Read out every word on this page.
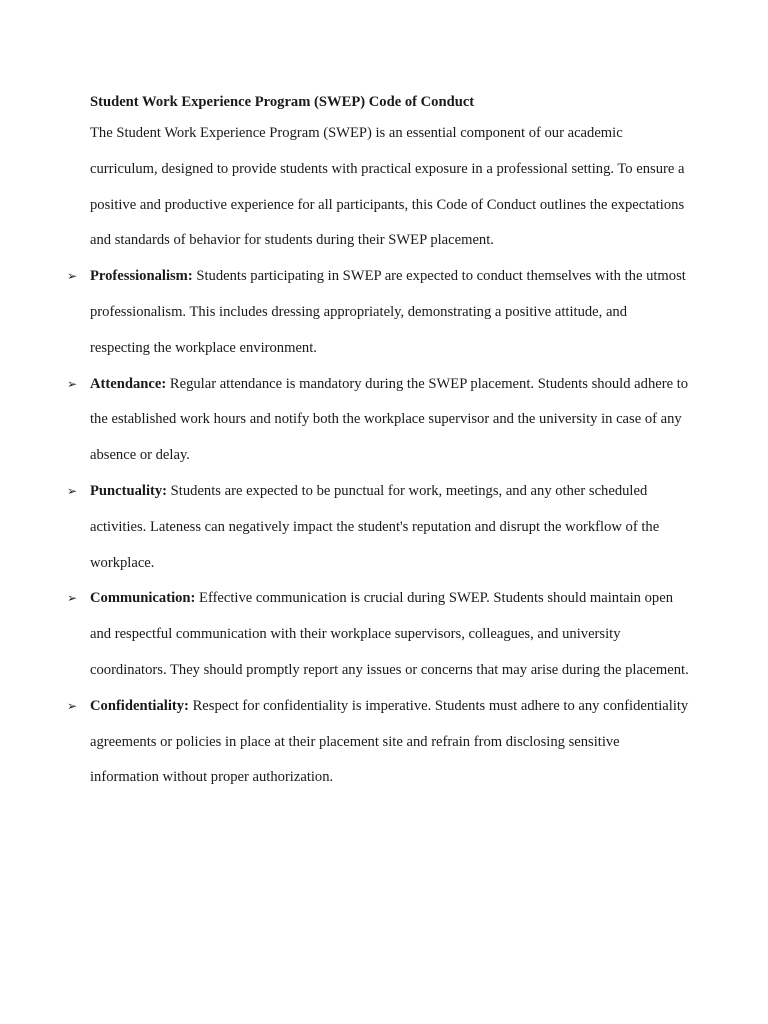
Student Work Experience Program (SWEP) Code of Conduct

The Student Work Experience Program (SWEP) is an essential component of our academic curriculum, designed to provide students with practical exposure in a professional setting. To ensure a positive and productive experience for all participants, this Code of Conduct outlines the expectations and standards of behavior for students during their SWEP placement.

➢ Professionalism: Students participating in SWEP are expected to conduct themselves with the utmost professionalism. This includes dressing appropriately, demonstrating a positive attitude, and respecting the workplace environment.
➢ Attendance: Regular attendance is mandatory during the SWEP placement. Students should adhere to the established work hours and notify both the workplace supervisor and the university in case of any absence or delay.
➢ Punctuality: Students are expected to be punctual for work, meetings, and any other scheduled activities. Lateness can negatively impact the student's reputation and disrupt the workflow of the workplace.
➢ Communication: Effective communication is crucial during SWEP. Students should maintain open and respectful communication with their workplace supervisors, colleagues, and university coordinators. They should promptly report any issues or concerns that may arise during the placement.
➢ Confidentiality: Respect for confidentiality is imperative. Students must adhere to any confidentiality agreements or policies in place at their placement site and refrain from disclosing sensitive information without proper authorization.
